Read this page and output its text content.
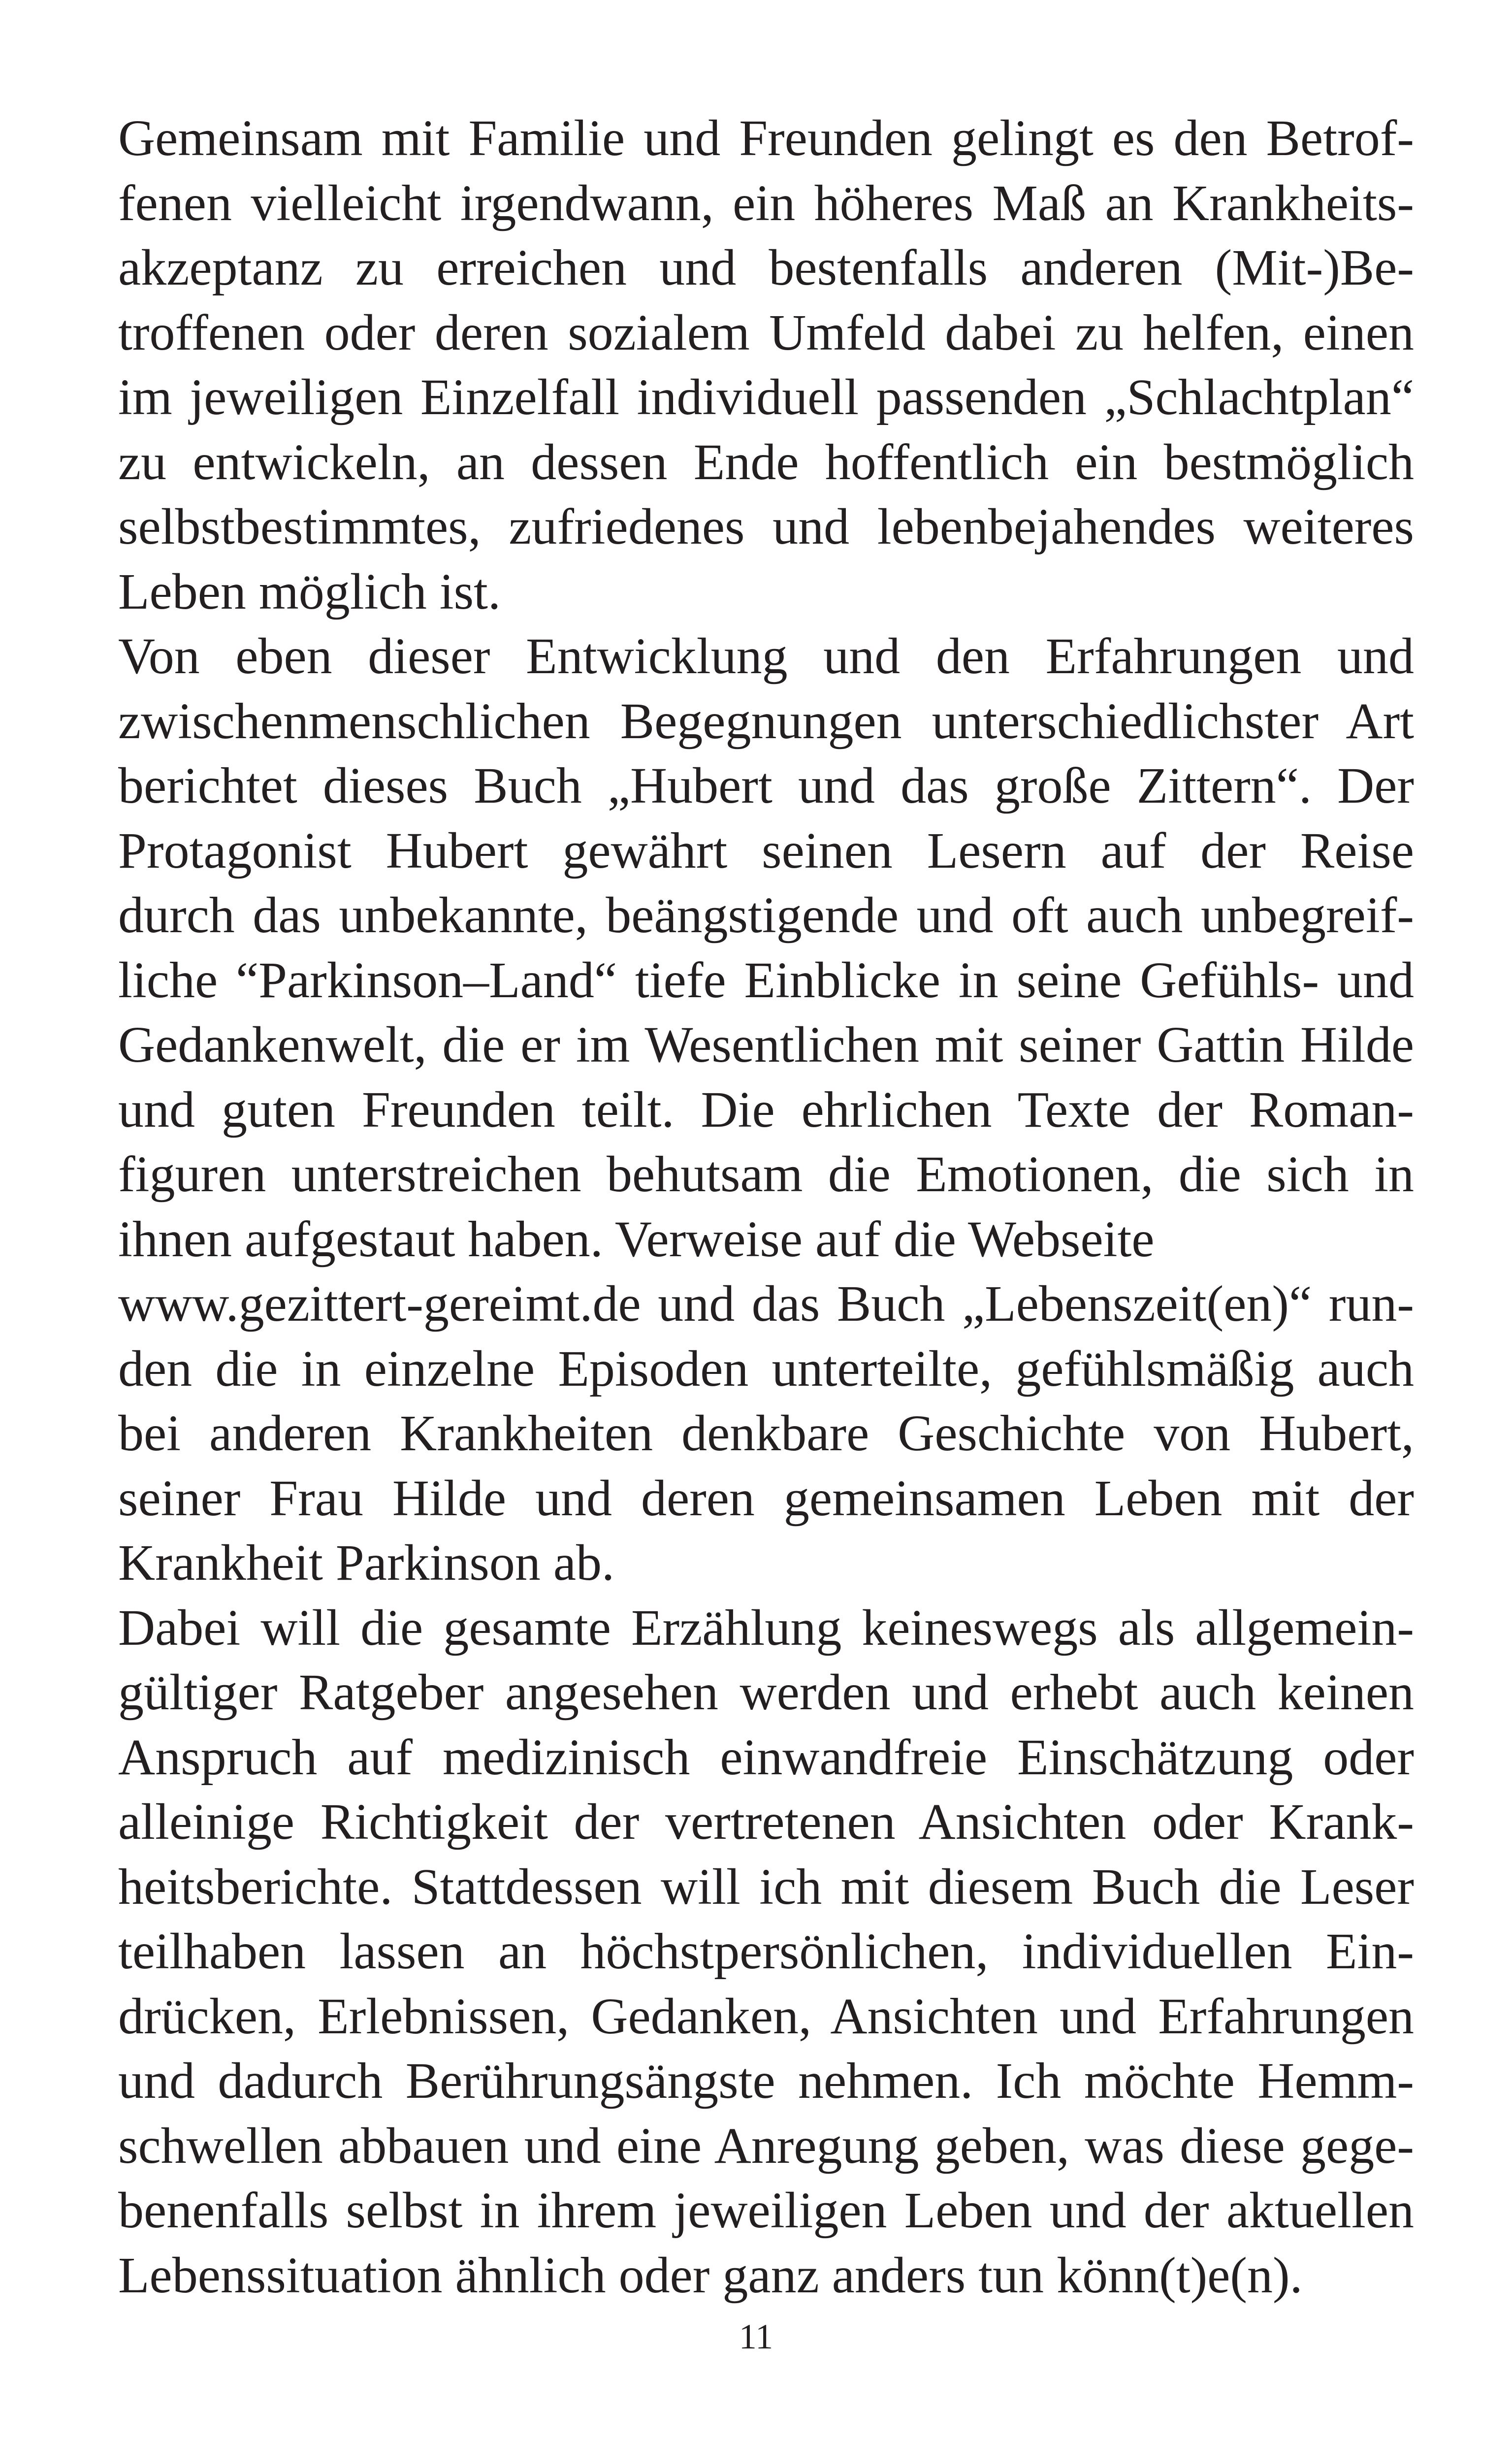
Gemeinsam mit Familie und Freunden gelingt es den Betrof-
fenen vielleicht irgendwann, ein höheres Maß an Krankheits-
akzeptanz zu erreichen und bestenfalls anderen (Mit-)Be-
troffenen oder deren sozialem Umfeld dabei zu helfen, einen
im jeweiligen Einzelfall individuell passenden „Schlachtplan“
zu entwickeln, an dessen Ende hoffentlich ein bestmöglich
selbstbestimmtes, zufriedenes und lebenbejahendes weiteres
Leben möglich ist.
Von eben dieser Entwicklung und den Erfahrungen und
zwischenmenschlichen Begegnungen unterschiedlichster Art
berichtet dieses Buch „Hubert und das große Zittern“. Der
Protagonist Hubert gewährt seinen Lesern auf der Reise
durch das unbekannte, beängstigende und oft auch unbegreif-
liche “Parkinson–Land“ tiefe Einblicke in seine Gefühls- und
Gedankenwelt, die er im Wesentlichen mit seiner Gattin Hilde
und guten Freunden teilt. Die ehrlichen Texte der Roman-
figuren unterstreichen behutsam die Emotionen, die sich in
ihnen aufgestaut haben. Verweise auf die Webseite
www.gezittert-gereimt.de und das Buch „Lebenszeit(en)“ run-
den die in einzelne Episoden unterteilte, gefühlsmäßig auch
bei anderen Krankheiten denkbare Geschichte von Hubert,
seiner Frau Hilde und deren gemeinsamen Leben mit der
Krankheit Parkinson ab.
Dabei will die gesamte Erzählung keineswegs als allgemein-
gültiger Ratgeber angesehen werden und erhebt auch keinen
Anspruch auf medizinisch einwandfreie Einschätzung oder
alleinige Richtigkeit der vertretenen Ansichten oder Krank-
heitsberichte. Stattdessen will ich mit diesem Buch die Leser
teilhaben lassen an höchstpersönlichen, individuellen Ein-
drücken, Erlebnissen, Gedanken, Ansichten und Erfahrungen
und dadurch Berührungsängste nehmen. Ich möchte Hemm-
schwellen abbauen und eine Anregung geben, was diese gege-
benenfalls selbst in ihrem jeweiligen Leben und der aktuellen
Lebenssituation ähnlich oder ganz anders tun könn(t)e(n).
11
